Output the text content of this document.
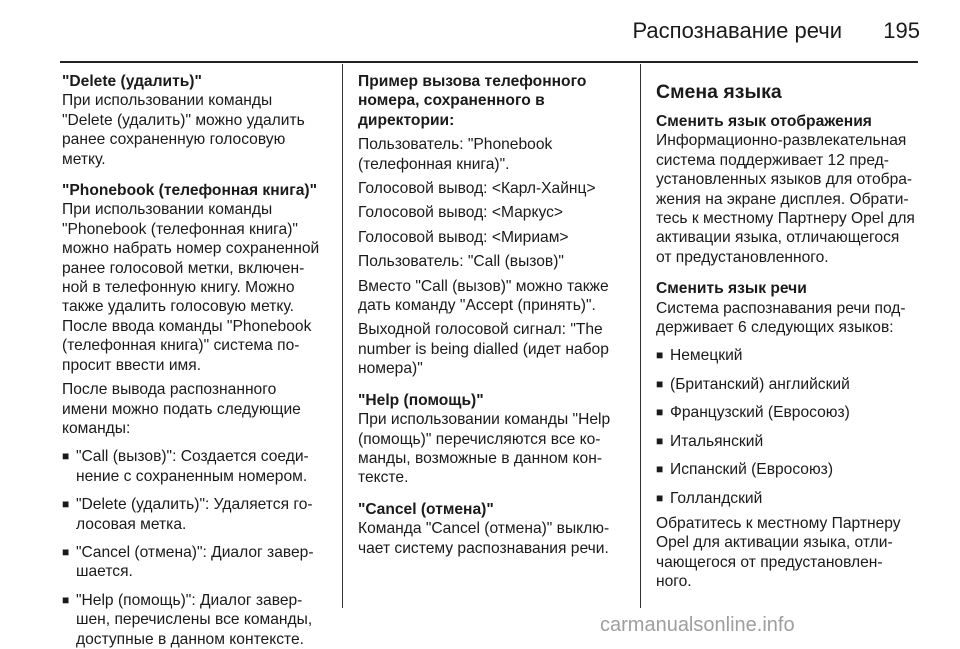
Распознавание речи 195

"Delete (удалить)"

При использовании команды

"Delete (удалить)" можно удалить

ранее сохраненную голосовую

метку.

"Phonebook (телефонная книга)"

При использовании команды

"Phonebook (телефонная книга)"

можно набрать номер сохраненной

ранее голосовой метки, включен-

ной в телефонную книгу. Можно

также удалить голосовую метку.

После ввода команды "Phonebook

(телефонная книга)" система по-

просит ввести имя.

После вывода распознанного

имени можно подать следующие

команды:

■ "Call (вызов)": Создается соеди-

нение с сохраненным номером.

■ "Delete (удалить)": Удаляется го-

лосовая метка.

■ "Cancel (отмена)": Диалог завер-

шается.

■ "Help (помощь)": Диалог завер-

шен, перечислены все команды,

доступные в данном контексте.

Пример вызова телефонного

номера, сохраненного в

директории:

Пользователь: "Phonebook

(телефонная книга)".

Голосовой вывод: <Карл-Хайнц>

Голосовой вывод: <Маркус>

Голосовой вывод: <Мириам>

Пользователь: "Call (вызов)"

Вместо "Call (вызов)" можно также

дать команду "Accept (принять)".

Выходной голосовой сигнал: "The

number is being dialled (идет набор

номера)"

"Help (помощь)"

При использовании команды "Help

(помощь)" перечисляются все ко-

манды, возможные в данном кон-

тексте.

"Cancel (отмена)"

Команда "Cancel (отмена)" выклю-

чает систему распознавания речи.

Смена языка

Сменить язык отображения

Информационно-развлекательная

система поддерживает 12 пред-

установленных языков для отобра-

жения на экране дисплея. Обрати-

тесь к местному Партнеру Opel для

активации языка, отличающегося

от предустановленного.

Сменить язык речи

Система распознавания речи под-

держивает 6 следующих языков:

■ Немецкий

■ (Британский) английский

■ Французский (Евросоюз)

■ Итальянский

■ Испанский (Евросоюз)

■ Голландский

Обратитесь к местному Партнеру

Opel для активации языка, отли-

чающегося от предустановлен-

ного.

carmanualsonline.info
